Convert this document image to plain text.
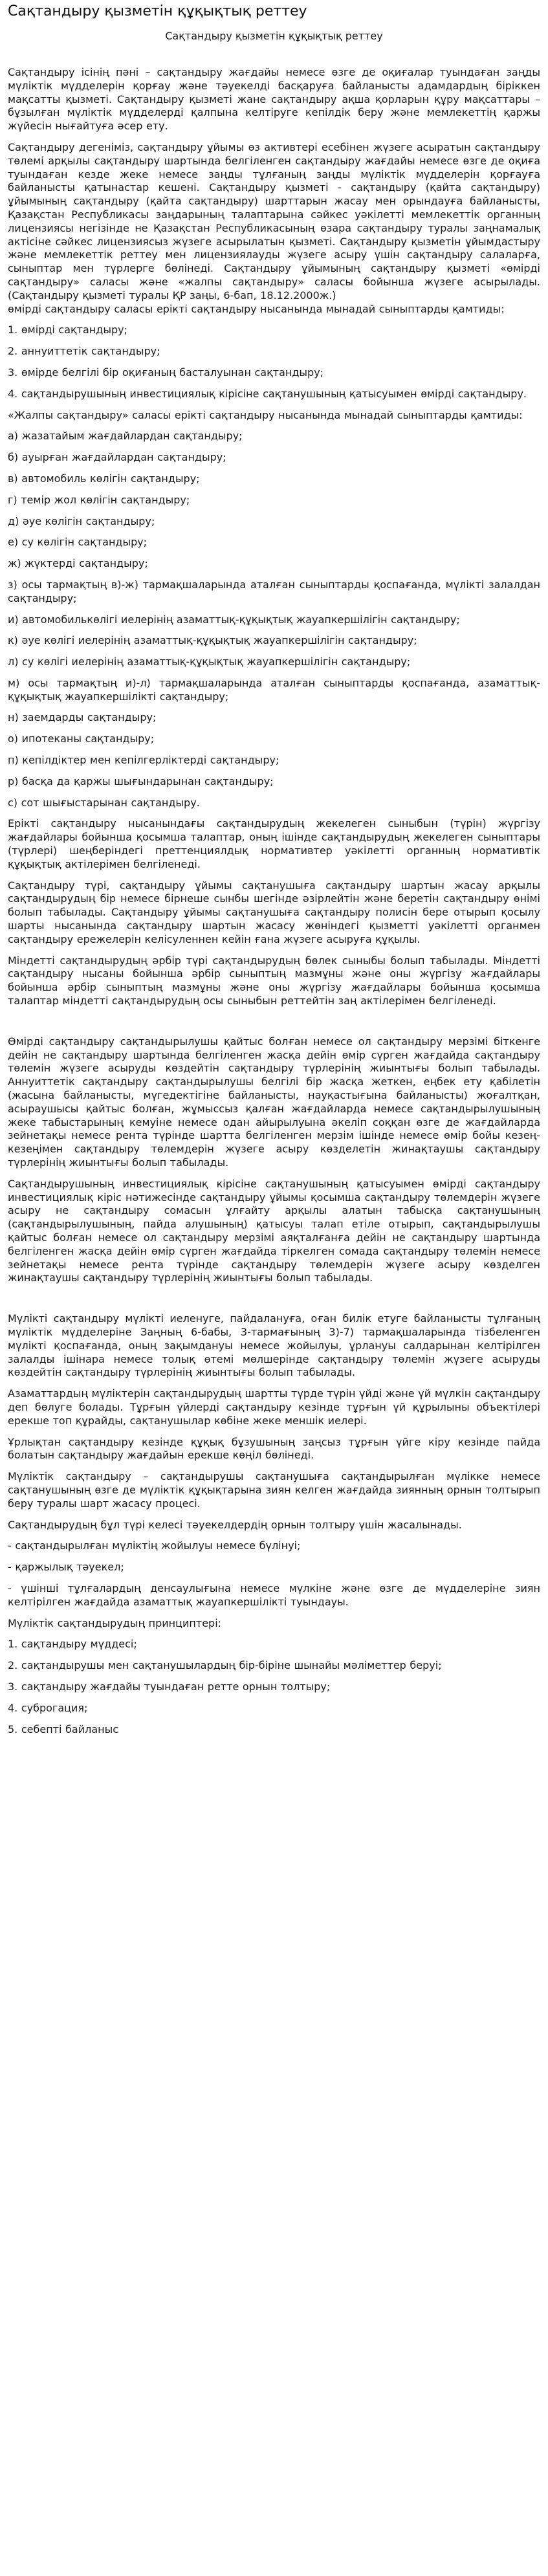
Сақтандыру қызметін құқықтық реттеу
Сақтандыру қызметін құқықтық реттеу

Сақтандыру ісінің пәні – сақтандыру жағдайы немесе өзге де оқиғалар туындаған заңды мүліктік мүдделерін қорғау және тәуекелді басқаруға байланысты адамдардың біріккен мақсатты қызметі. Сақтандыру қызметі жане сақтандыру ақша қорларын құру мақсаттары – бұзылған мүліктік мүдделерді қалпына келтіруге кепілдік беру және мемлекеттің қаржы жүйесін нығайтуға әсер ету.

Сақтандыру дегеніміз, сақтандыру ұйымы өз активтері есебінен жүзеге асыратын сақтандыру төлемі арқылы сақтандыру шартында белгіленген сақтандыру жағдайы немесе өзге де оқиға туындаған кезде жеке немесе заңды тұлғаның заңды мүліктік мүдделерін қорғауға байланысты қатынастар кешені. Сақтандыру қызметі - сақтандыру (қайта сақтандыру) ұйымының сақтандыру (қайта сақтандыру) шарттарын жасау мен орындауға байланысты, Қазақстан Республикасы заңдарының талаптарына сәйкес уәкілетті мемлекеттік органның лицензиясы негізінде не Қазақстан Республикасының өзара сақтандыру туралы заңнамалық актісіне сәйкес лицензиясыз жүзеге асырылатын қызметі. Сақтандыру қызметін ұйымдастыру және мемлекеттік реттеу мен лицензиялауды жүзеге асыру үшін сақтандыру салаларға, сыныптар мен түрлерге бөлінеді. Сақтандыру ұйымының сақтандыру қызметі «өмірді сақтандыру» саласы және «жалпы сақтандыру» саласы бойынша жүзеге асырылады. (Сақтандыру қызметі туралы ҚР заңы, 6-бап, 18.12.2000ж.)

өмірді сақтандыру саласы ерікті сақтандыру нысанында мынадай сыныптарды қамтиды:

1. өмірді сақтандыру;

2. аннуиттетік сақтандыру;

3. өмірде белгілі бір оқиғаның басталуынан сақтандыру;

4. сақтандырушының инвестициялық кірісіне сақтанушының қатысуымен өмірді сақтандыру.

«Жалпы сақтандыру» саласы ерікті сақтандыру нысанында мынадай сыныптарды қамтиды:

а) жазатайым жағдайлардан сақтандыру;

б) ауырған жағдайлардан сақтандыру;

в) автомобиль көлігін сақтандыру;

г) темір жол көлігін сақтандыру;

д) әуе көлігін сақтандыру;

е) су көлігін сақтандыру;

ж) жүктерді сақтандыру;

з) осы тармақтың в)-ж) тармақшаларында аталған сыныптарды қоспағанда, мүлікті залалдан сақтандыру;

и) автомобилькөлігі иелерінің азаматтық-құқықтық жауапкершілігін сақтандыру;

к) әуе көлігі иелерінің азаматтық-құқықтық жауапкершілігін сақтандыру;

л) су көлігі иелерінің азаматтық-құқықтық жауапкершілігін сақтандыру;

м) осы тармақтың и)-л) тармақшаларында аталған сыныптарды қоспағанда, азаматтық-құқықтық жауапкершілікті сақтандыру;

н) заемдарды сақтандыру;

о) ипотеканы сақтандыру;

п) кепілдіктер мен кепілгерліктерді сақтандыру;

р) басқа да қаржы шығындарынан сақтандыру;

с) сот шығыстарынан сақтандыру.

Ерікті сақтандыру нысанындағы сақтандырудың жекелеген сыныбын (түрін) жүргізу жағдайлары бойынша қосымша талаптар, оның ішінде сақтандырудың жекелеген сыныптары (түрлері) шеңберіндегі преттенциялдық нормативтер уәкілетті органның нормативтік құқықтық актілерімен белгіленеді.

Сақтандыру түрі, сақтандыру ұйымы сақтанушыға сақтандыру шартын жасау арқылы сақтандырудың бір немесе бірнеше сынбы шегінде әзірлейтін және беретін сақтандыру өнімі болып табылады. Сақтандыру ұйымы сақтанушыға сақтандыру полисін бере отырып қосылу шарты нысанында сақтандыру шартын жасасу жөніндегі қызметті уәкілетті органмен сақтандыру ережелерін келісуленнен кейін ғана жүзеге асыруға құқылы.

Міндетті сақтандырудың әрбір түрі сақтандырудың бөлек сыныбы болып табылады. Міндетті сақтандыру нысаны бойынша әрбір сыныптың мазмұны және оны жүргізу жағдайлары бойынша әрбір сыныптың мазмұны және оны жүргізу жағдайлары бойынша қосымша талаптар міндетті сақтандырудың осы сыныбын реттейтін заң актілерімен белгіленеді.

Өмірді сақтандыру сақтандырылушы қайтыс болған немесе ол сақтандыру мерзімі біткенге дейін не сақтандыру шартында белгіленген жасқа дейін өмір сүрген жағдайда сақтандыру төлемін жүзеге асыруды көздейтін сақтандыру түрлерінің жиынтығы болып табылады. Аннуиттетік сақтандыру сақтандырылушы белгілі бір жасқа жеткен, еңбек ету қабілетін (жасына байланысты, мүгедектігіне байланысты, науқастығына байланысты) жоғалтқан, асыраушысы қайтыс болған, жұмыссыз қалған жағдайларда немесе сақтандырылушының жеке табыстарының кемуіне немесе одан айырылуына әкеліп соққан өзге де жағдайларда зейнетақы немесе рента түрінде шартта белгіленген мерзім ішінде немесе өмір бойы кезең-кезеңімен сақтандыру төлемдерін жүзеге асыру көзделетін жинақтаушы сақтандыру түрлерінің жиынтығы болып табылады.

Сақтандырушының инвестициялық кірісіне сақтанушының қатысуымен өмірді сақтандыру инвестициялық кіріс нәтижесінде сақтандыру ұйымы қосымша сақтандыру төлемдерін жүзеге асыру не сақтандыру сомасын ұлғайту арқылы алатын табысқа сақтанушының (сақтандырылушының, пайда алушының) қатысуы талап етіле отырып, сақтандырылушы қайтыс болған немесе ол сақтандыру мерзімі аяқталғанға дейін не сақтандыру шартында белгіленген жасқа дейін өмір сүрген жағдайда тіркелген сомада сақтандыру төлемін немесе зейнетақы немесе рента түрінде сақтандыру төлемдерін жүзеге асыру көзделген жинақтаушы сақтандыру түрлерінің жиынтығы болып табылады.

Мүлікті сақтандыру мүлікті иеленуге, пайдалануға, оған билік етуге байланысты тұлғаның мүліктік мүдделеріне Заңның 6-бабы, 3-тармағының 3)-7) тармақшаларында тізбеленген мүлікті қоспағанда, оның зақымдануы немесе жойылуы, ұрлануы салдарынан келтірілген залалды ішінара немесе толық өтемі мөлшерінде сақтандыру төлемін жүзеге асыруды көздейтін сақтандыру түрлерінің жиынтығы болып табылады.

Азаматтардың мүліктерін сақтандырудың шартты түрде түрін үйді және үй мүлкін сақтандыру деп бөлуге болады. Тұрғын үйлерді сақтандыру кезінде тұрғын үй құрылыны объектілері ерекше топ құрайды, сақтанушылар көбіне жеке меншік иелері.

Ұрлықтан сақтандыру кезінде құқық бұзушының заңсыз тұрғын үйге кіру кезінде пайда болатын сақтандыру жағдайын ерекше көңіл бөлінеді.

Мүліктік сақтандыру – сақтандырушы сақтанушыға сақтандырылған мүлікке немесе сақтанушының өзге де мүліктік құқықтарына зиян келген жағдайда зиянның орнын толтырып беру туралы шарт жасасу процесі.

Сақтандырудың бұл түрі келесі тәуекелдердің орнын толтыру үшін жасалынады.

- сақтандырылған мүліктің жойылуы немесе бүлінуі;

- қаржылық тәуекел;

- үшінші тұлғалардың денсаулығына немесе мүлкіне және өзге де мүдделеріне зиян келтірілген жағдайда азаматтық жауапкершілікті туындауы.

Мүліктік сақтандырудың принциптері:

1. сақтандыру мүддесі;

2. сақтандырушы мен сақтанушылардың бір-біріне шынайы мәліметтер беруі;

3. сақтандыру жағдайы туындаған ретте орнын толтыру;

4. суброгация;

5. себепті байланыс
